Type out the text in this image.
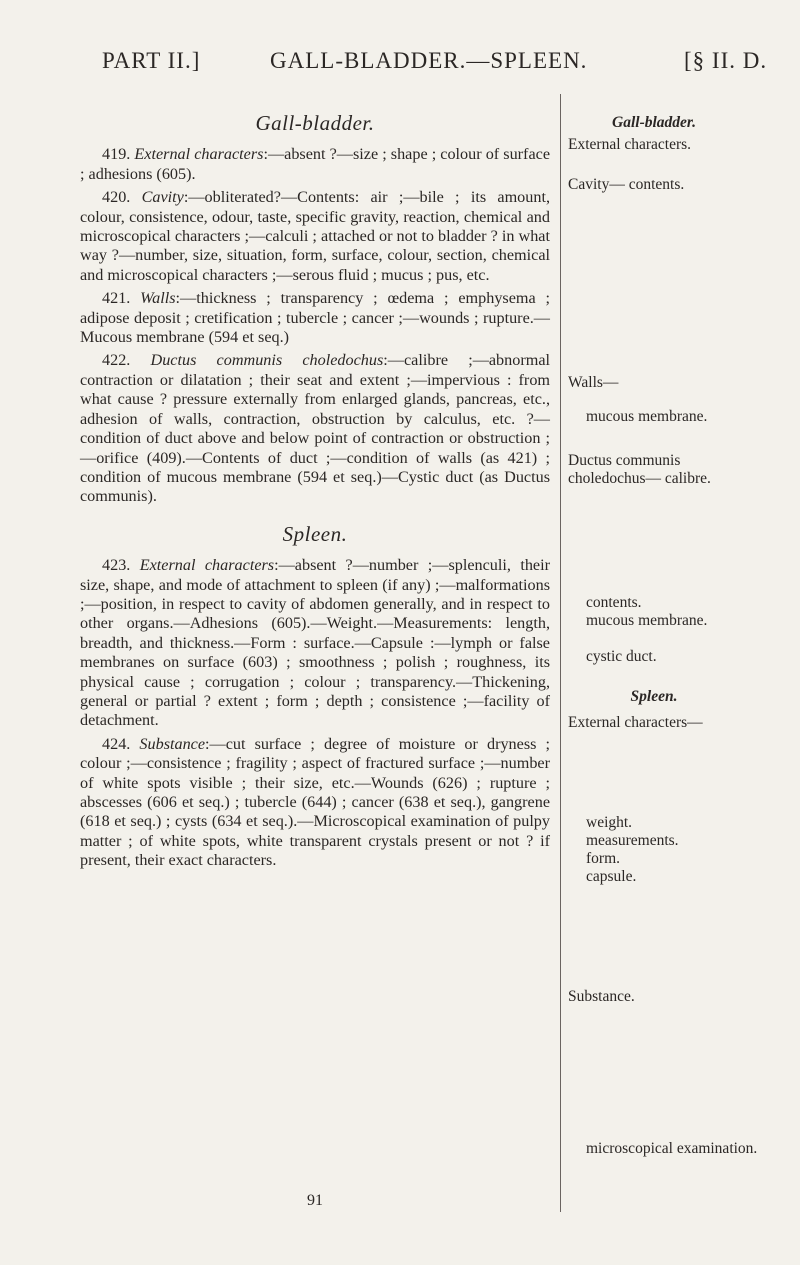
PART II.]	GALL-BLADDER.—SPLEEN.	[§ II. D.
Gall-bladder.

419. External characters:—absent ?—size ; shape ; colour of surface ; adhesions (605).

420. Cavity:—obliterated?—Contents: air ;—bile ; its amount, colour, consistence, odour, taste, specific gravity, reaction, chemical and microscopical characters ;—calculi ; attached or not to bladder ? in what way ?—number, size, situation, form, surface, colour, section, chemical and microscopical characters ;—serous fluid ; mucus ; pus, etc.

421. Walls:—thickness ; transparency ; œdema ; emphysema ; adipose deposit ; cretification ; tubercle ; cancer ;—wounds ; rupture.—Mucous membrane (594 et seq.)

422. Ductus communis choledochus:—calibre ;—abnormal contraction or dilatation ; their seat and extent ;—impervious : from what cause ? pressure externally from enlarged glands, pancreas, etc., adhesion of walls, contraction, obstruction by calculus, etc. ?—condition of duct above and below point of contraction or obstruction ;—orifice (409).—Contents of duct ;—condition of walls (as 421) ; condition of mucous membrane (594 et seq.)—Cystic duct (as Ductus communis).

Spleen.

423. External characters:—absent ?—number ;—splenculi, their size, shape, and mode of attachment to spleen (if any) ;—malformations ;—position, in respect to cavity of abdomen generally, and in respect to other organs.—Adhesions (605).—Weight.—Measurements: length, breadth, and thickness.—Form : surface.—Capsule :—lymph or false membranes on surface (603) ; smoothness ; polish ; roughness, its physical cause ; corrugation ; colour ; transparency.—Thickening, general or partial ? extent ; form ; depth ; consistence ;—facility of detachment.

424. Substance:—cut surface ; degree of moisture or dryness ; colour ;—consistence ; fragility ; aspect of fractured surface ;—number of white spots visible ; their size, etc.—Wounds (626) ; rupture ; abscesses (606 et seq.) ; tubercle (644) ; cancer (638 et seq.), gangrene (618 et seq.) ; cysts (634 et seq.).—Microscopical examination of pulpy matter ; of white spots, white transparent crystals present or not ? if present, their exact characters.

Gall-bladder.
External characters.
Cavity— contents.
Walls—
mucous membrane.
Ductus communis choledochus— calibre.
contents.
mucous membrane.
cystic duct.
Spleen.
External characters—
weight.
measurements.
form.
capsule.
Substance.
microscopical examination.
91
